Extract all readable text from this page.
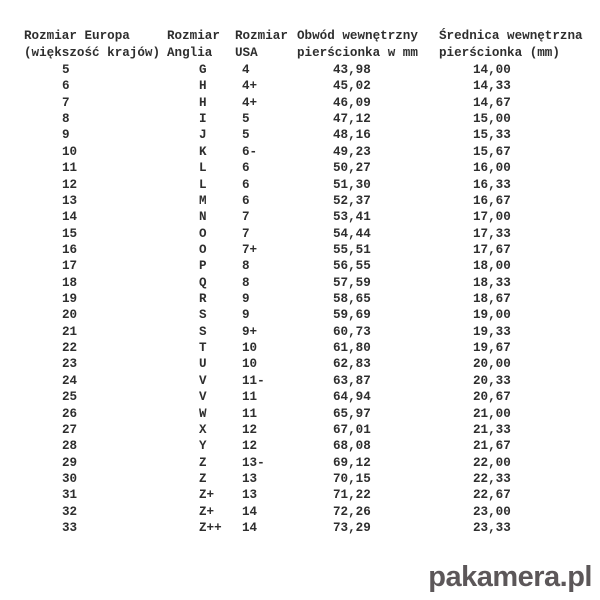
Rozmiar Europa
(większość krajów)

Rozmiar
Anglia

Rozmiar
USA

Obwód wewnętrzny
pierścionka w mm

Średnica wewnętrzna
pierścionka (mm)

5	G	4	43,98	14,00
6	H	4+	45,02	14,33
7	H	4+	46,09	14,67
8	I	5	47,12	15,00
9	J	5	48,16	15,33
10	K	6-	49,23	15,67
11	L	6	50,27	16,00
12	L	6	51,30	16,33
13	M	6	52,37	16,67
14	N	7	53,41	17,00
15	O	7	54,44	17,33
16	O	7+	55,51	17,67
17	P	8	56,55	18,00
18	Q	8	57,59	18,33
19	R	9	58,65	18,67
20	S	9	59,69	19,00
21	S	9+	60,73	19,33
22	T	10	61,80	19,67
23	U	10	62,83	20,00
24	V	11-	63,87	20,33
25	V	11	64,94	20,67
26	W	11	65,97	21,00
27	X	12	67,01	21,33
28	Y	12	68,08	21,67
29	Z	13-	69,12	22,00
30	Z	13	70,15	22,33
31	Z+	13	71,22	22,67
32	Z+	14	72,26	23,00
33	Z++	14	73,29	23,33
pakamera.pl
